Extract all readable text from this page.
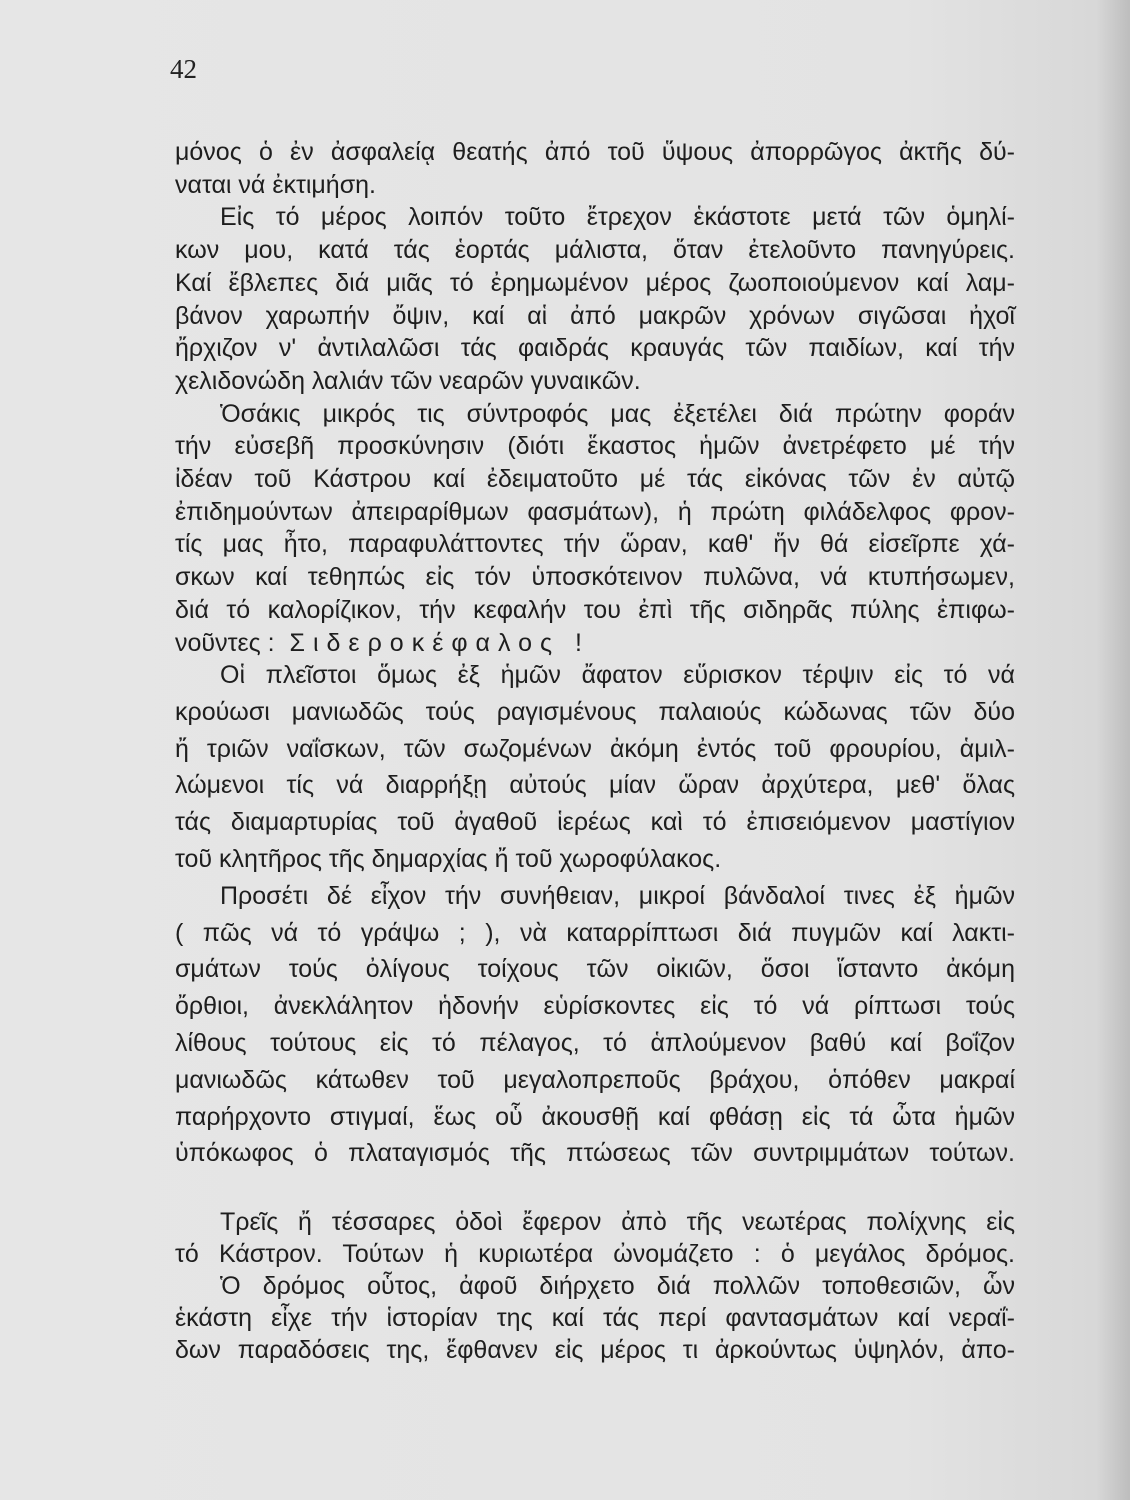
42
μόνος ὁ ἐν ἀσφαλείᾳ θεατής ἀπό τοῦ ὕψους ἀπορρῶγος ἀκτῆς δύ-
ναται νά ἐκτιμήση.
Εἰς τό μέρος λοιπόν τοῦτο ἔτρεχον ἑκάστοτε μετά τῶν ὁμηλί-
κων μου, κατά τάς ἑορτάς μάλιστα, ὅταν ἐτελοῦντο πανηγύρεις.
Καί ἔβλεπες διά μιᾶς τό ἐρημωμένον μέρος ζωοποιούμενον καί λαμ-
βάνον χαρωπήν ὄψιν, καί αἱ ἀπό μακρῶν χρόνων σιγῶσαι ἠχοῖ
ἤρχιζον ν' ἀντιλαλῶσι τάς φαιδράς κραυγάς τῶν παιδίων, καί τήν
χελιδονώδη λαλιάν τῶν νεαρῶν γυναικῶν.
Ὁσάκις μικρός τις σύντροφός μας ἐξετέλει διά πρώτην φοράν
τήν εὐσεβῆ προσκύνησιν (διότι ἕκαστος ἡμῶν ἀνετρέφετο μέ τήν
ἰδέαν τοῦ Κάστρου καί ἐδειματοῦτο μέ τάς εἰκόνας τῶν ἐν αὐτῷ
ἐπιδημούντων ἀπειραρίθμων φασμάτων), ἡ πρώτη φιλάδελφος φρον-
τίς μας ἦτο, παραφυλάττοντες τήν ὥραν, καθ' ἥν θά εἰσεῖρπε χά-
σκων καί τεθηπώς εἰς τόν ὑποσκότεινον πυλῶνα, νά κτυπήσωμεν,
διά τό καλορίζικον, τήν κεφαλήν του ἐπὶ τῆς σιδηρᾶς πύλης ἐπιφω-
νοῦντες : Σιδεροκέφαλος !
Οἱ πλεῖστοι ὅμως ἐξ ἡμῶν ἄφατον εὕρισκον τέρψιν εἰς τό νά
κρούωσι μανιωδῶς τούς ραγισμένους παλαιούς κώδωνας τῶν δύο
ἤ τριῶν ναΐσκων, τῶν σωζομένων ἀκόμη ἐντός τοῦ φρουρίου, ἁμιλ-
λώμενοι τίς νά διαρρήξῃ αὐτούς μίαν ὥραν ἀρχύτερα, μεθ' ὅλας
τάς διαμαρτυρίας τοῦ ἀγαθοῦ ἱερέως καὶ τό ἐπισειόμενον μαστίγιον
τοῦ κλητῆρος τῆς δημαρχίας ἤ τοῦ χωροφύλακος.
Προσέτι δέ εἶχον τήν συνήθειαν, μικροί βάνδαλοί τινες ἐξ ἡμῶν
( πῶς νά τό γράψω ; ), νὰ καταρρίπτωσι διά πυγμῶν καί λακτι-
σμάτων τούς ὀλίγους τοίχους τῶν οἰκιῶν, ὅσοι ἵσταντο ἀκόμη
ὄρθιοι, ἀνεκλάλητον ἡδονήν εὑρίσκοντες εἰς τό νά ρίπτωσι τούς
λίθους τούτους εἰς τό πέλαγος, τό ἁπλούμενον βαθύ καί βοΐζον
μανιωδῶς κάτωθεν τοῦ μεγαλοπρεποῦς βράχου, ὁπόθεν μακραί
παρήρχοντο στιγμαί, ἕως οὗ ἀκουσθῇ καί φθάσῃ εἰς τά ὦτα ἡμῶν
ὑπόκωφος ὁ πλαταγισμός τῆς πτώσεως τῶν συντριμμάτων τούτων.
Τρεῖς ἤ τέσσαρες ὁδοὶ ἔφερον ἀπὸ τῆς νεωτέρας πολίχνης εἰς
τό Κάστρον. Τούτων ἡ κυριωτέρα ὠνομάζετο : ὁ μεγάλος δρόμος.
Ὁ δρόμος οὗτος, ἀφοῦ διήρχετο διά πολλῶν τοποθεσιῶν, ὧν
ἑκάστη εἶχε τήν ἱστορίαν της καί τάς περί φαντασμάτων καί νεραΐ-
δων παραδόσεις της, ἔφθανεν εἰς μέρος τι ἀρκούντως ὑψηλόν, ἀπο-
